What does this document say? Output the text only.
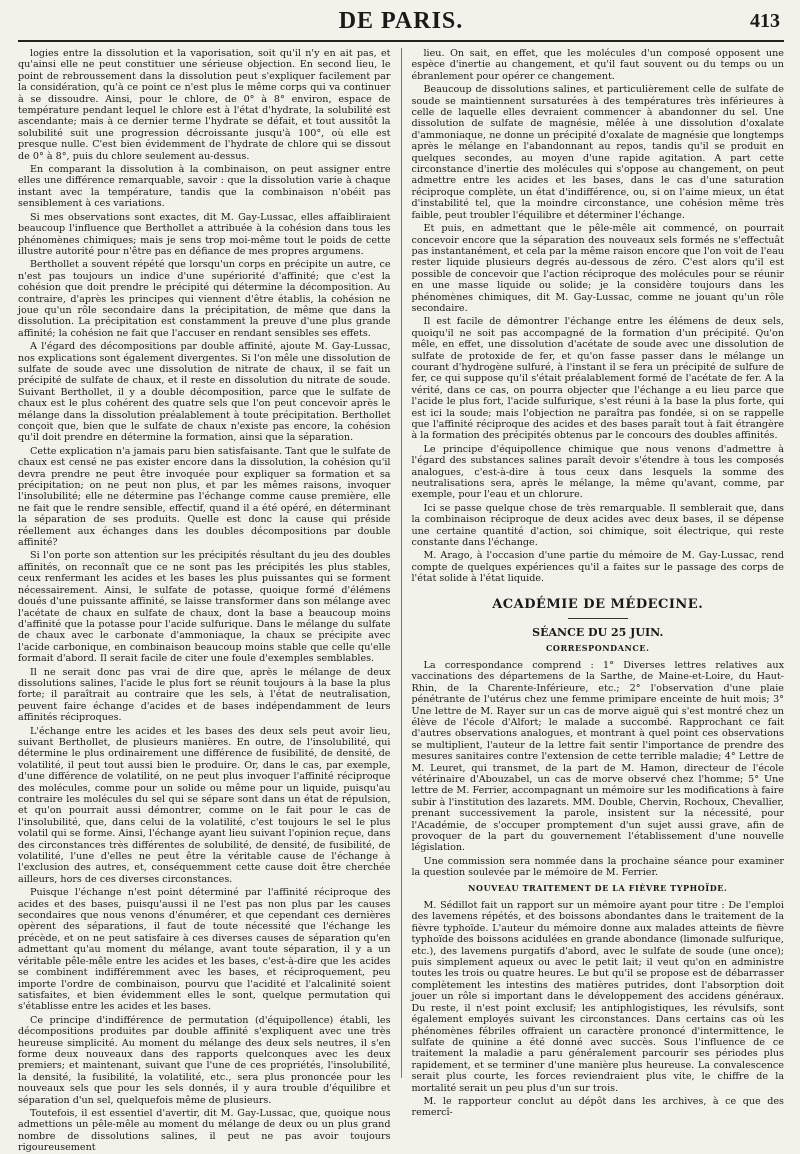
DE PARIS.	413

logies entre la dissolution et la vaporisation, soit qu'il n'y en ait pas, et qu'ainsi elle ne peut constituer une sérieuse objection. En second lieu, le point de rebroussement dans la dissolution peut s'expliquer facilement par la considération, qu'à ce point ce n'est plus le même corps qui va continuer à se dissoudre. Ainsi, pour le chlore, de 0° à 8° environ, espace de température pendant lequel le chlore est à l'état d'hydrate, la solubilité est ascendante; mais à ce dernier terme l'hydrate se défait, et tout aussitôt la solubilité suit une progression décroissante jusqu'à 100°, où elle est presque nulle. C'est bien évidemment de l'hydrate de chlore qui se dissout de 0° à 8°, puis du chlore seulement au-dessus.

En comparant la dissolution à la combinaison, on peut assigner entre elles une différence remarquable, savoir : que la dissolution varie à chaque instant avec la température, tandis que la combinaison n'obéit pas sensiblement à ces variations.

Si mes observations sont exactes, dit M. Gay-Lussac, elles affaibliraient beaucoup l'influence que Berthollet a attribuée à la cohésion dans tous les phénomènes chimiques; mais je sens trop moi-même tout le poids de cette illustre autorité pour n'être pas en défiance de mes propres argumens.

Berthollet a souvent répété que lorsqu'un corps en précipite un autre, ce n'est pas toujours un indice d'une supériorité d'affinité; que c'est la cohésion que doit prendre le précipité qui détermine la décomposition. Au contraire, d'après les principes qui viennent d'être établis, la cohésion ne joue qu'un rôle secondaire dans la précipitation, de même que dans la dissolution. La précipitation est constamment la preuve d'une plus grande affinité; la cohésion ne fait que l'accuser en rendant sensibles ses effets.

A l'égard des décompositions par double affinité, ajoute M. Gay-Lussac, nos explications sont également divergentes. Si l'on mêle une dissolution de sulfate de soude avec une dissolution de nitrate de chaux, il se fait un précipité de sulfate de chaux, et il reste en dissolution du nitrate de soude. Suivant Berthollet, il y a double décomposition, parce que le sulfate de chaux est le plus cohérent des quatre sels que l'on peut concevoir après le mélange dans la dissolution préalablement à toute précipitation. Berthollet conçoit que, bien que le sulfate de chaux n'existe pas encore, la cohésion qu'il doit prendre en détermine la formation, ainsi que la séparation.

Cette explication n'a jamais paru bien satisfaisante. Tant que le sulfate de chaux est censé ne pas exister encore dans la dissolution, la cohésion qu'il devra prendre ne peut être invoquée pour expliquer sa formation et sa précipitation; on ne peut non plus, et par les mêmes raisons, invoquer l'insolubilité; elle ne détermine pas l'échange comme cause première, elle ne fait que le rendre sensible, effectif, quand il a été opéré, en déterminant la séparation de ses produits. Quelle est donc la cause qui préside réellement aux échanges dans les doubles décompositions par double affinité?

Si l'on porte son attention sur les précipités résultant du jeu des doubles affinités, on reconnaît que ce ne sont pas les précipités les plus stables, ceux renfermant les acides et les bases les plus puissantes qui se forment nécessairement. Ainsi, le sulfate de potasse, quoique formé d'élémens doués d'une puissante affinité, se laisse transformer dans son mélange avec l'acétate de chaux en sulfate de chaux, dont la base a beaucoup moins d'affinité que la potasse pour l'acide sulfurique. Dans le mélange du sulfate de chaux avec le carbonate d'ammoniaque, la chaux se précipite avec l'acide carbonique, en combinaison beaucoup moins stable que celle qu'elle formait d'abord. Il serait facile de citer une foule d'exemples semblables.

Il ne serait donc pas vrai de dire que, après le mélange de deux dissolutions salines, l'acide le plus fort se réunit toujours à la base la plus forte; il paraîtrait au contraire que les sels, à l'état de neutralisation, peuvent faire échange d'acides et de bases indépendamment de leurs affinités réciproques.

L'échange entre les acides et les bases des deux sels peut avoir lieu, suivant Berthollet, de plusieurs manières. En outre, de l'insolubilité, qui détermine le plus ordinairement une différence de fusibilité, de densité, de volatilité, il peut tout aussi bien le produire. Or, dans le cas, par exemple, d'une différence de volatilité, on ne peut plus invoquer l'affinité réciproque des molécules, comme pour un solide ou même pour un liquide, puisqu'au contraire les molécules du sel qui se sépare sont dans un état de répulsion, et qu'on pourrait aussi démontrer, comme on le fait pour le cas de l'insolubilité, que, dans celui de la volatilité, c'est toujours le sel le plus volatil qui se forme. Ainsi, l'échange ayant lieu suivant l'opinion reçue, dans des circonstances très différentes de solubilité, de densité, de fusibilité, de volatilité, l'une d'elles ne peut être la véritable cause de l'échange à l'exclusion des autres, et, conséquemment cette cause doit être cherchée ailleurs, hors de ces diverses circonstances.

Puisque l'échange n'est point déterminé par l'affinité réciproque des acides et des bases, puisqu'aussi il ne l'est pas non plus par les causes secondaires que nous venons d'énumérer, et que cependant ces dernières opèrent des séparations, il faut de toute nécessité que l'échange les précède, et on ne peut satisfaire à ces diverses causes de séparation qu'en admettant qu'au moment du mélange, avant toute séparation, il y a un véritable pêle-mêle entre les acides et les bases, c'est-à-dire que les acides se combinent indifféremment avec les bases, et réciproquement, peu importe l'ordre de combinaison, pourvu que l'acidité et l'alcalinité soient satisfaites, et bien évidemment elles le sont, quelque permutation qui s'établisse entre les acides et les bases.

Ce principe d'indifférence de permutation (d'équipollence) établi, les décompositions produites par double affinité s'expliquent avec une très heureuse simplicité. Au moment du mélange des deux sels neutres, il s'en forme deux nouveaux dans des rapports quelconques avec les deux premiers; et maintenant, suivant que l'une de ces propriétés, l'insolubilité, la densité, la fusibilité, la volatilité, etc., sera plus prononcée pour les nouveaux sels que pour les sels donnés, il y aura trouble d'équilibre et séparation d'un sel, quelquefois même de plusieurs.

Toutefois, il est essentiel d'avertir, dit M. Gay-Lussac, que, quoique nous admettions un pêle-mêle au moment du mélange de deux ou un plus grand nombre de dissolutions salines, il peut ne pas avoir toujours rigoureusement

lieu. On sait, en effet, que les molécules d'un composé opposent une espèce d'inertie au changement, et qu'il faut souvent ou du temps ou un ébranlement pour opérer ce changement.

Beaucoup de dissolutions salines, et particulièrement celle de sulfate de soude se maintiennent sursaturées à des températures très inférieures à celle de laquelle elles devraient commencer à abandonner du sel. Une dissolution de sulfate de magnésie, mêlée à une dissolution d'oxalate d'ammoniaque, ne donne un précipité d'oxalate de magnésie que longtemps après le mélange en l'abandonnant au repos, tandis qu'il se produit en quelques secondes, au moyen d'une rapide agitation. A part cette circonstance d'inertie des molécules qui s'oppose au changement, on peut admettre entre les acides et les bases, dans le cas d'une saturation réciproque complète, un état d'indifférence, ou, si on l'aime mieux, un état d'instabilité tel, que la moindre circonstance, une cohésion même très faible, peut troubler l'équilibre et déterminer l'échange.

Et puis, en admettant que le pêle-mêle ait commencé, on pourrait concevoir encore que la séparation des nouveaux sels formés ne s'effectuât pas instantanément, et cela par la même raison encore que l'on voit de l'eau rester liquide plusieurs degrés au-dessous de zéro. C'est alors qu'il est possible de concevoir que l'action réciproque des molécules pour se réunir en une masse liquide ou solide; je la considère toujours dans les phénomènes chimiques, dit M. Gay-Lussac, comme ne jouant qu'un rôle secondaire.

Il est facile de démontrer l'échange entre les élémens de deux sels, quoiqu'il ne soit pas accompagné de la formation d'un précipité. Qu'on mêle, en effet, une dissolution d'acétate de soude avec une dissolution de sulfate de protoxide de fer, et qu'on fasse passer dans le mélange un courant d'hydrogène sulfuré, à l'instant il se fera un précipité de sulfure de fer, ce qui suppose qu'il s'était préalablement formé de l'acétate de fer. A la vérité, dans ce cas, on pourra objecter que l'échange a eu lieu parce que l'acide le plus fort, l'acide sulfurique, s'est réuni à la base la plus forte, qui est ici la soude; mais l'objection ne paraîtra pas fondée, si on se rappelle que l'affinité réciproque des acides et des bases paraît tout à fait étrangère à la formation des précipités obtenus par le concours des doubles affinités.

Le principe d'équipollence chimique que nous venons d'admettre à l'égard des substances salines paraît devoir s'étendre à tous les composés analogues, c'est-à-dire à tous ceux dans lesquels la somme des neutralisations sera, après le mélange, la même qu'avant, comme, par exemple, pour l'eau et un chlorure.

Ici se passe quelque chose de très remarquable. Il semblerait que, dans la combinaison réciproque de deux acides avec deux bases, il se dépense une certaine quantité d'action, soi chimique, soit électrique, qui reste constante dans l'échange.

M. Arago, à l'occasion d'une partie du mémoire de M. Gay-Lussac, rend compte de quelques expériences qu'il a faites sur le passage des corps de l'état solide à l'état liquide.

ACADÉMIE DE MÉDECINE.
SÉANCE DU 25 JUIN.
CORRESPONDANCE.

La correspondance comprend : 1° Diverses lettres relatives aux vaccinations des départemens de la Sarthe, de Maine-et-Loire, du Haut-Rhin, de la Charente-Inférieure, etc.; 2° l'observation d'une plaie pénétrante de l'utérus chez une femme primipare enceinte de huit mois; 3° Une lettre de M. Rayer sur un cas de morve aiguë qui s'est montré chez un élève de l'école d'Alfort; le malade a succombé. Rapprochant ce fait d'autres observations analogues, et montrant à quel point ces observations se multiplient, l'auteur de la lettre fait sentir l'importance de prendre des mesures sanitaires contre l'extension de cette terrible maladie; 4° Lettre de M. Leuret, qui transmet, de la part de M. Hamon, directeur de l'école vétérinaire d'Abouzabel, un cas de morve observé chez l'homme; 5° Une lettre de M. Ferrier, accompagnant un mémoire sur les modifications à faire subir à l'institution des lazarets. MM. Double, Chervin, Rochoux, Chevallier, prenant successivement la parole, insistent sur la nécessité, pour l'Académie, de s'occuper promptement d'un sujet aussi grave, afin de provoquer de la part du gouvernement l'établissement d'une nouvelle législation.

Une commission sera nommée dans la prochaine séance pour examiner la question soulevée par le mémoire de M. Ferrier.

NOUVEAU TRAITEMENT DE LA FIÈVRE TYPHOÏDE.

M. Sédillot fait un rapport sur un mémoire ayant pour titre : De l'emploi des lavemens répétés, et des boissons abondantes dans le traitement de la fièvre typhoïde. L'auteur du mémoire donne aux malades atteints de fièvre typhoïde des boissons acidulées en grande abondance (limonade sulfurique, etc.), des lavemens purgatifs d'abord, avec le sulfate de soude (une once); puis simplement aqueux ou avec le petit lait; il veut qu'on en administre toutes les trois ou quatre heures. Le but qu'il se propose est de débarrasser complètement les intestins des matières putrides, dont l'absorption doit jouer un rôle si important dans le développement des accidens généraux. Du reste, il n'est point exclusif; les antiphlogistiques, les révulsifs, sont également employés suivant les circonstances. Dans certains cas où les phénomènes fébriles offraient un caractère prononcé d'intermittence, le sulfate de quinine a été donné avec succès. Sous l'influence de ce traitement la maladie a paru généralement parcourir ses périodes plus rapidement, et se terminer d'une manière plus heureuse. La convalescence serait plus courte, les forces reviendraient plus vite, le chiffre de la mortalité serait un peu plus d'un sur trois.

M. le rapporteur conclut au dépôt dans les archives, à ce que des remercî-
